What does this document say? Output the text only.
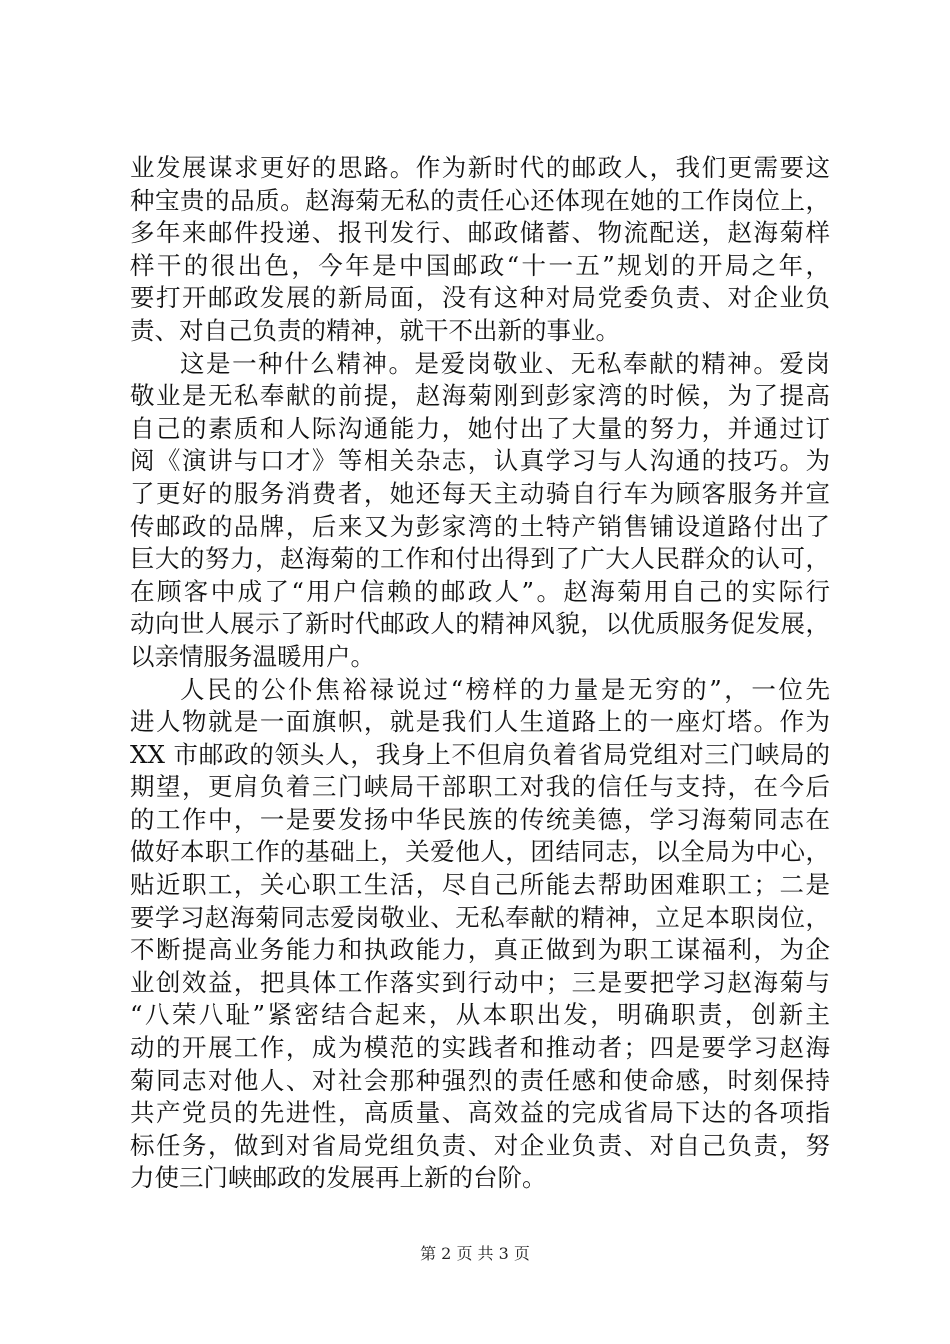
业发展谋求更好的思路。作为新时代的邮政人，我们更需要这
种宝贵的品质。赵海菊无私的责任心还体现在她的工作岗位上，
多年来邮件投递、报刊发行、邮政储蓄、物流配送，赵海菊样
样干的很出色，今年是中国邮政“十一五”规划的开局之年，
要打开邮政发展的新局面，没有这种对局党委负责、对企业负
责、对自己负责的精神，就干不出新的事业。
这是一种什么精神。是爱岗敬业、无私奉献的精神。爱岗
敬业是无私奉献的前提，赵海菊刚到彭家湾的时候，为了提高
自己的素质和人际沟通能力，她付出了大量的努力，并通过订
阅《演讲与口才》等相关杂志，认真学习与人沟通的技巧。为
了更好的服务消费者，她还每天主动骑自行车为顾客服务并宣
传邮政的品牌，后来又为彭家湾的土特产销售铺设道路付出了
巨大的努力，赵海菊的工作和付出得到了广大人民群众的认可，
在顾客中成了“用户信赖的邮政人”。赵海菊用自己的实际行
动向世人展示了新时代邮政人的精神风貌，以优质服务促发展，
以亲情服务温暖用户。
人民的公仆焦裕禄说过“榜样的力量是无穷的”，一位先
进人物就是一面旗帜，就是我们人生道路上的一座灯塔。作为
XX 市邮政的领头人，我身上不但肩负着省局党组对三门峡局的
期望，更肩负着三门峡局干部职工对我的信任与支持，在今后
的工作中，一是要发扬中华民族的传统美德，学习海菊同志在
做好本职工作的基础上，关爱他人，团结同志，以全局为中心，
贴近职工，关心职工生活，尽自己所能去帮助困难职工；二是
要学习赵海菊同志爱岗敬业、无私奉献的精神，立足本职岗位，
不断提高业务能力和执政能力，真正做到为职工谋福利，为企
业创效益，把具体工作落实到行动中；三是要把学习赵海菊与
“八荣八耻”紧密结合起来，从本职出发，明确职责，创新主
动的开展工作，成为模范的实践者和推动者；四是要学习赵海
菊同志对他人、对社会那种强烈的责任感和使命感，时刻保持
共产党员的先进性，高质量、高效益的完成省局下达的各项指
标任务，做到对省局党组负责、对企业负责、对自己负责，努
力使三门峡邮政的发展再上新的台阶。
第 2 页 共 3 页
